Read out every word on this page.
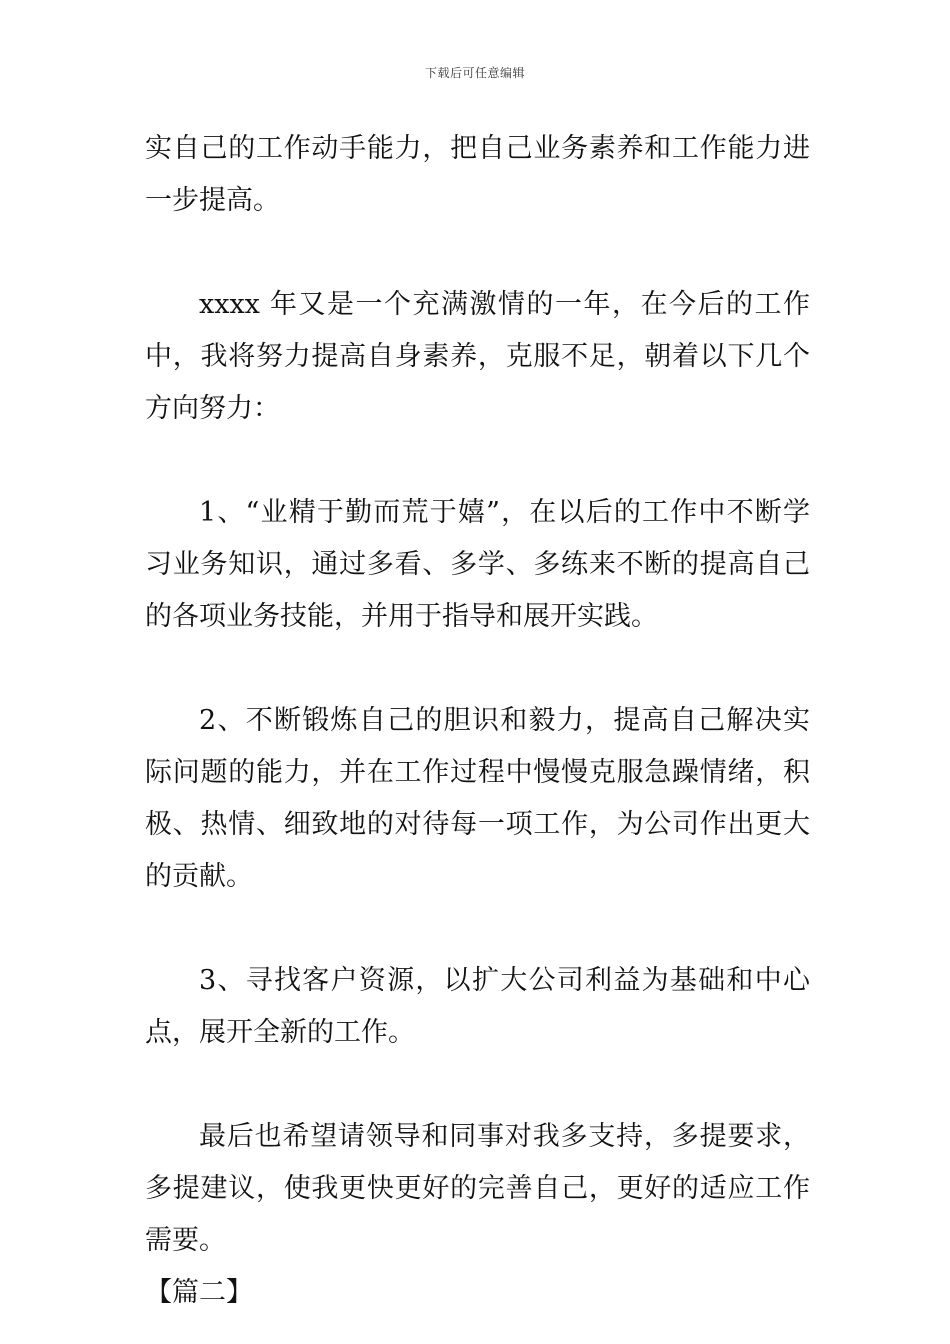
下载后可任意编辑

实自己的工作动手能力，把自己业务素养和工作能力进一步提高。

xxxx 年又是一个充满激情的一年，在今后的工作中，我将努力提高自身素养，克服不足，朝着以下几个方向努力：

1、“业精于勤而荒于嬉”，在以后的工作中不断学习业务知识，通过多看、多学、多练来不断的提高自己的各项业务技能，并用于指导和展开实践。

2、不断锻炼自己的胆识和毅力，提高自己解决实际问题的能力，并在工作过程中慢慢克服急躁情绪，积极、热情、细致地的对待每一项工作，为公司作出更大的贡献。

3、寻找客户资源，以扩大公司利益为基础和中心点，展开全新的工作。

最后也希望请领导和同事对我多支持，多提要求，多提建议，使我更快更好的完善自己，更好的适应工作需要。

【篇二】
